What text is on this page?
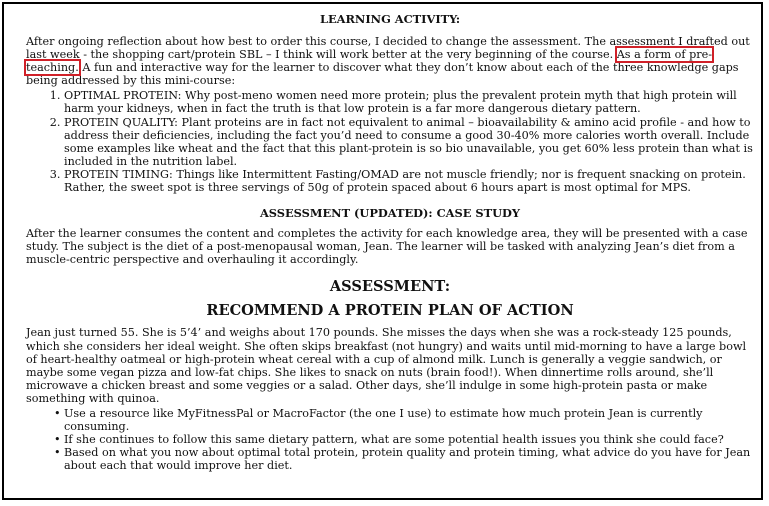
LEARNING ACTIVITY:

After ongoing reflection about how best to order this course, I decided to change the assessment. The assessment I drafted out last week - the shopping cart/protein SBL – I think will work better at the very beginning of the course. As a form of pre-teaching. A fun and interactive way for the learner to discover what they don’t know about each of the three knowledge gaps being addressed by this mini-course:

1. OPTIMAL PROTEIN: Why post-meno women need more protein; plus the prevalent protein myth that high protein will harm your kidneys, when in fact the truth is that low protein is a far more dangerous dietary pattern.
2. PROTEIN QUALITY: Plant proteins are in fact not equivalent to animal – bioavailability & amino acid profile - and how to address their deficiencies, including the fact you’d need to consume a good 30-40% more calories worth overall. Include some examples like wheat and the fact that this plant-protein is so bio unavailable, you get 60% less protein than what is included in the nutrition label.
3. PROTEIN TIMING: Things like Intermittent Fasting/OMAD are not muscle friendly; nor is frequent snacking on protein. Rather, the sweet spot is three servings of 50g of protein spaced about 6 hours apart is most optimal for MPS.
ASSESSMENT (UPDATED): CASE STUDY

After the learner consumes the content and completes the activity for each knowledge area, they will be presented with a case study. The subject is the diet of a post-menopausal woman, Jean. The learner will be tasked with analyzing Jean’s diet from a muscle-centric perspective and overhauling it accordingly.

ASSESSMENT:
RECOMMEND A PROTEIN PLAN OF ACTION

Jean just turned 55. She is 5’4’ and weighs about 170 pounds. She misses the days when she was a rock-steady 125 pounds, which she considers her ideal weight. She often skips breakfast (not hungry) and waits until mid-morning to have a large bowl of heart-healthy oatmeal or high-protein wheat cereal with a cup of almond milk. Lunch is generally a veggie sandwich, or maybe some vegan pizza and low-fat chips. She likes to snack on nuts (brain food!). When dinnertime rolls around, she’ll microwave a chicken breast and some veggies or a salad. Other days, she’ll indulge in some high-protein pasta or make something with quinoa.

• Use a resource like MyFitnessPal or MacroFactor (the one I use) to estimate how much protein Jean is currently consuming.
• If she continues to follow this same dietary pattern, what are some potential health issues you think she could face?
• Based on what you now about optimal total protein, protein quality and protein timing, what advice do you have for Jean about each that would improve her diet.
